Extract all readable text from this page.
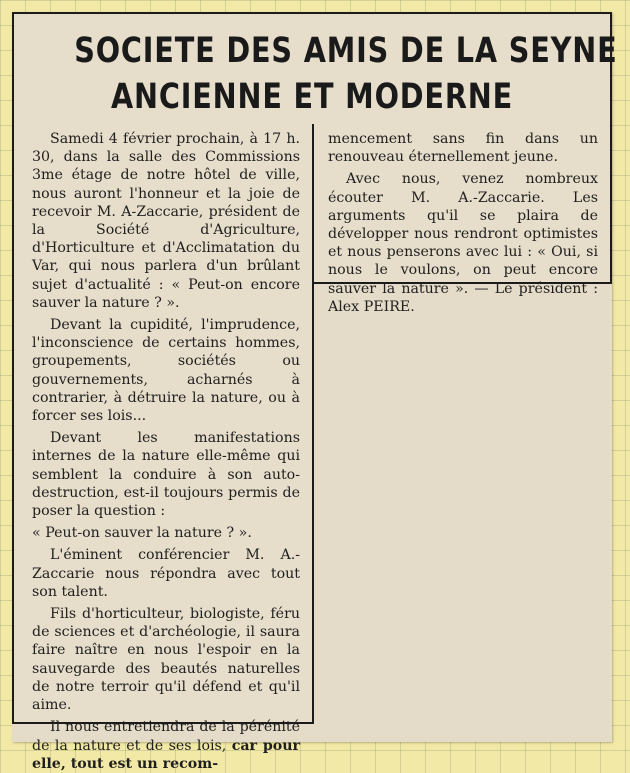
SOCIETE DES AMIS DE LA SEYNE
ANCIENNE ET MODERNE

Samedi 4 février prochain, à 17 h. 30, dans la salle des Commissions 3me étage de notre hôtel de ville, nous auront l'honneur et la joie de recevoir M. A-Zaccarie, président de la Société d'Agriculture, d'Horticulture et d'Acclimatation du Var, qui nous parlera d'un brûlant sujet d'actualité : « Peut-on encore sauver la nature ? ».

Devant la cupidité, l'imprudence, l'inconscience de certains hommes, groupements, sociétés ou gouvernements, acharnés à contrarier, à détruire la nature, ou à forcer ses lois...

Devant les manifestations internes de la nature elle-même qui semblent la conduire à son auto-destruction, est-il toujours permis de poser la question :

« Peut-on sauver la nature ? ».

L'éminent conférencier M. A.-Zaccarie nous répondra avec tout son talent.

Fils d'horticulteur, biologiste, féru de sciences et d'archéologie, il saura faire naître en nous l'espoir en la sauvegarde des beautés naturelles de notre terroir qu'il défend et qu'il aime.

Il nous entretiendra de la pérénité de la nature et de ses lois, car pour elle, tout est un recom-

mencement sans fin dans un renouveau éternellement jeune.

Avec nous, venez nombreux écouter M. A.-Zaccarie. Les arguments qu'il se plaira de développer nous rendront optimistes et nous penserons avec lui : « Oui, si nous le voulons, on peut encore sauver la nature ». — Le président : Alex PEIRE.
